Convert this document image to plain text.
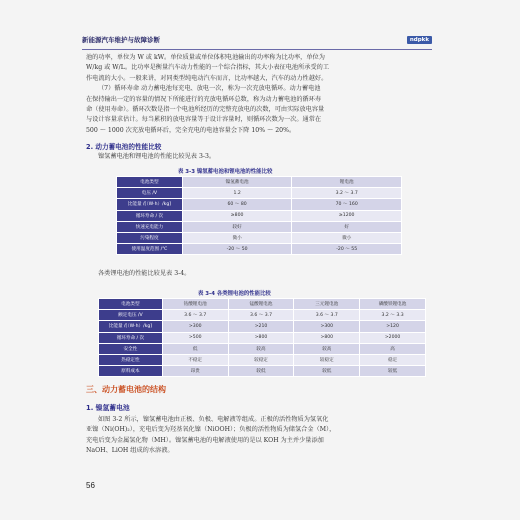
新能源汽车维护与故障诊断	ndpkk
池的功率，单位为 W 或 kW。单位质量或单位体积电池输出的功率称为比功率，单位为
W/kg 或 W/L。比功率是衡量汽车动力性能的一个综合指标，其大小表征电池所承受的工
作电流的大小。一般来讲，对同类型纯电动汽车而言，比功率越大，汽车的动力性越好。
（7）循环寿命 动力蓄电池每充电、放电一次，称为一次充放电循环。动力蓄电池
在保持输出一定的容量的情况下所能进行的充放电循环总数，称为动力蓄电池的循环寿
命（使用寿命）。循环次数是指一个电池所经历的完整充放电的次数，可由实际放电容量
与设计容量求估计。每当累积的放电容量等于设计容量时，则循环次数为一次。通常在
500 ～ 1000 次充放电循环后，完全充电的电池容量会下降 10% ～ 20%。
2. 动力蓄电池的性能比较
镍氢蓄电池和锂电池的性能比较见表 3-3。
表 3-3 镍氢蓄电池和锂电池的性能比较
电池类型	镍氢蓄电池	锂电池
电压 /V	1.2	3.2 ～ 3.7
比能量 /[（W·h）/kg]	60 ～ 80	70 ～ 160
循环寿命 / 次	≥800	≥1200
快速充电能力	较好	好
污染程度	微小	微小
使用温度范围 /℃	-20 ～ 50	-20 ～ 55
各类锂电池的性能比较见表 3-4。
表 3-4 各类锂电池的性能比较
电池类型	钴酸锂电池	锰酸锂电池	三元锂电池	磷酸铁锂电池
额定电压 /V	3.6 ～ 3.7	3.6 ～ 3.7	3.6 ～ 3.7	3.2 ～ 3.3
比能量 /[（W·h）/kg]	>300	>210	>300	>120
循环寿命 / 次	>500	>800	>800	>2000
安全性	低	较高	较高	高
热稳定性	不稳定	较稳定	较稳定	稳定
原料成本	昂贵	较低	较低	较低
三、动力蓄电池的结构
1. 镍氢蓄电池
如图 3-2 所示，镍氢蓄电池由正极、负极、电解液等组成。正极的活性物质为氢氧化
亚镍（Ni(OH)₂），充电后变为羟基氧化镍（NiOOH）；负极的活性物质为储氢合金（M），
充电后变为金属氢化物（MH）。镍氢蓄电池的电解液使用的是以 KOH 为主并少量添加
NaOH、LiOH 组成的水溶液。
56
